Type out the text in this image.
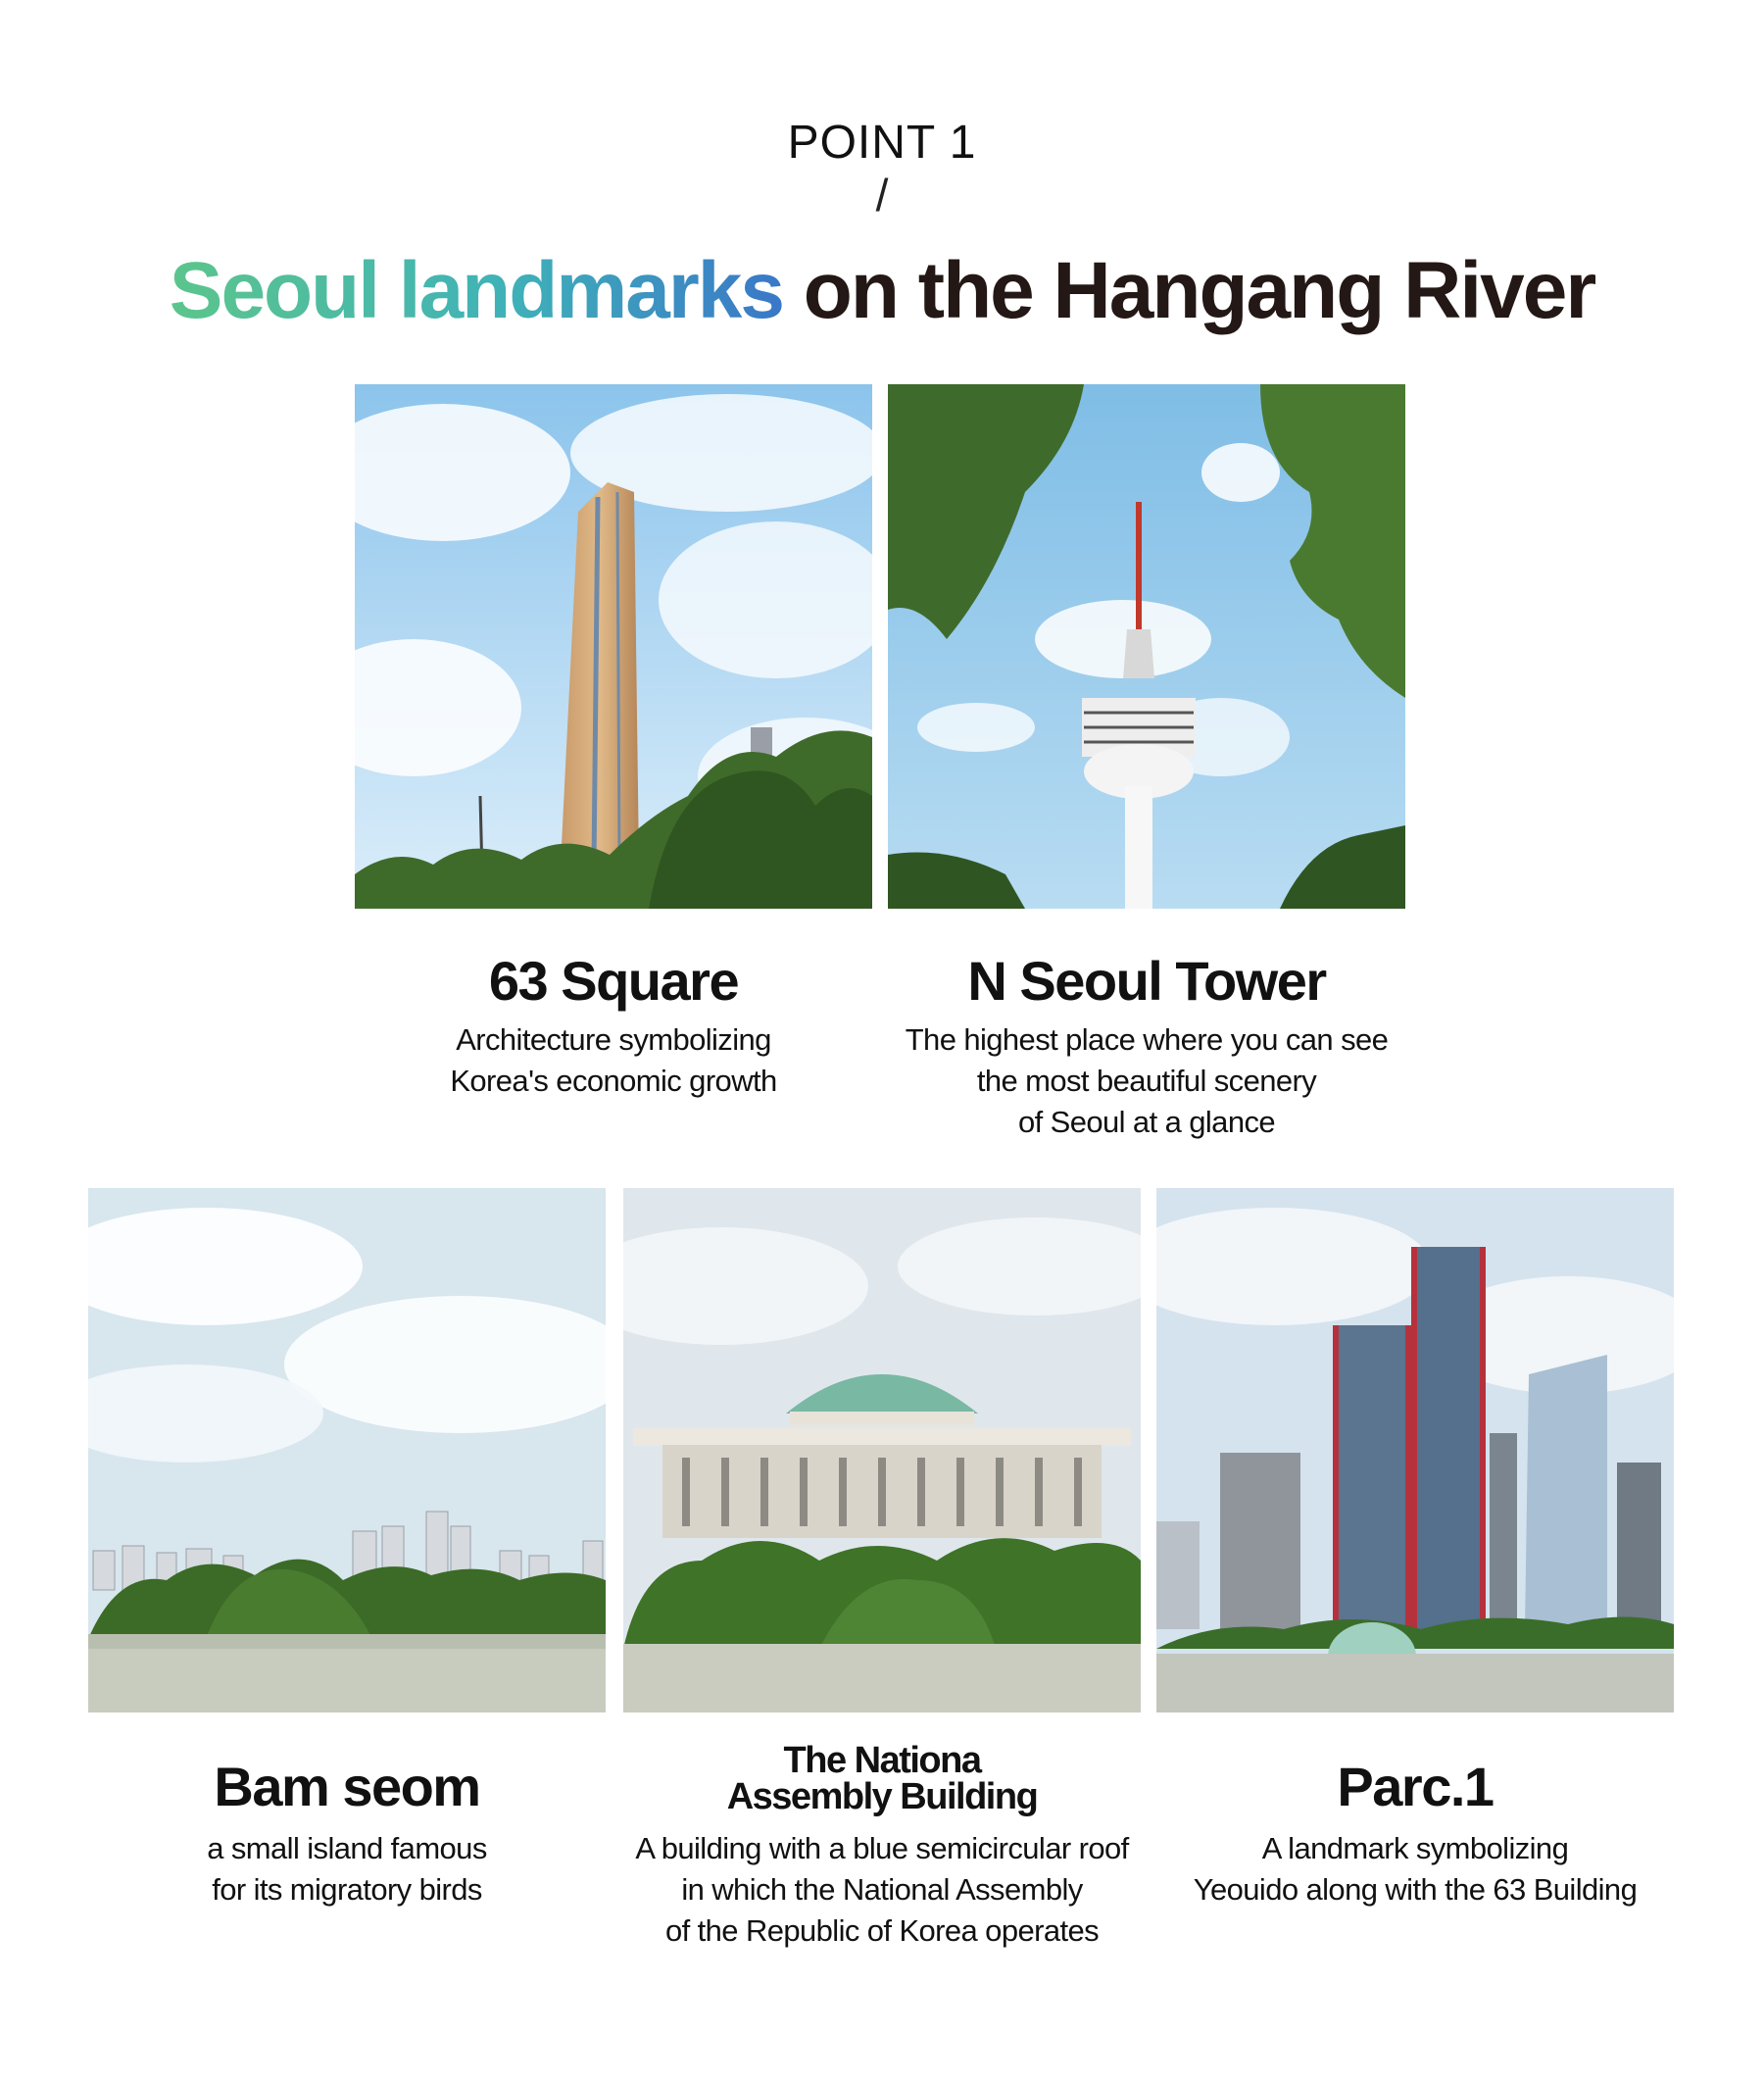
POINT 1
/
Seoul landmarks on the Hangang River
63 Square
Architecture symbolizing
Korea's economic growth
N Seoul Tower
The highest place where you can see
the most beautiful scenery
of Seoul at a glance
Bam seom
a small island famous
for its migratory birds
The Nationa
Assembly Building
A building with a blue semicircular roof
in which the National Assembly
of the Republic of Korea operates
Parc.1
A landmark symbolizing
Yeouido along with the 63 Building
